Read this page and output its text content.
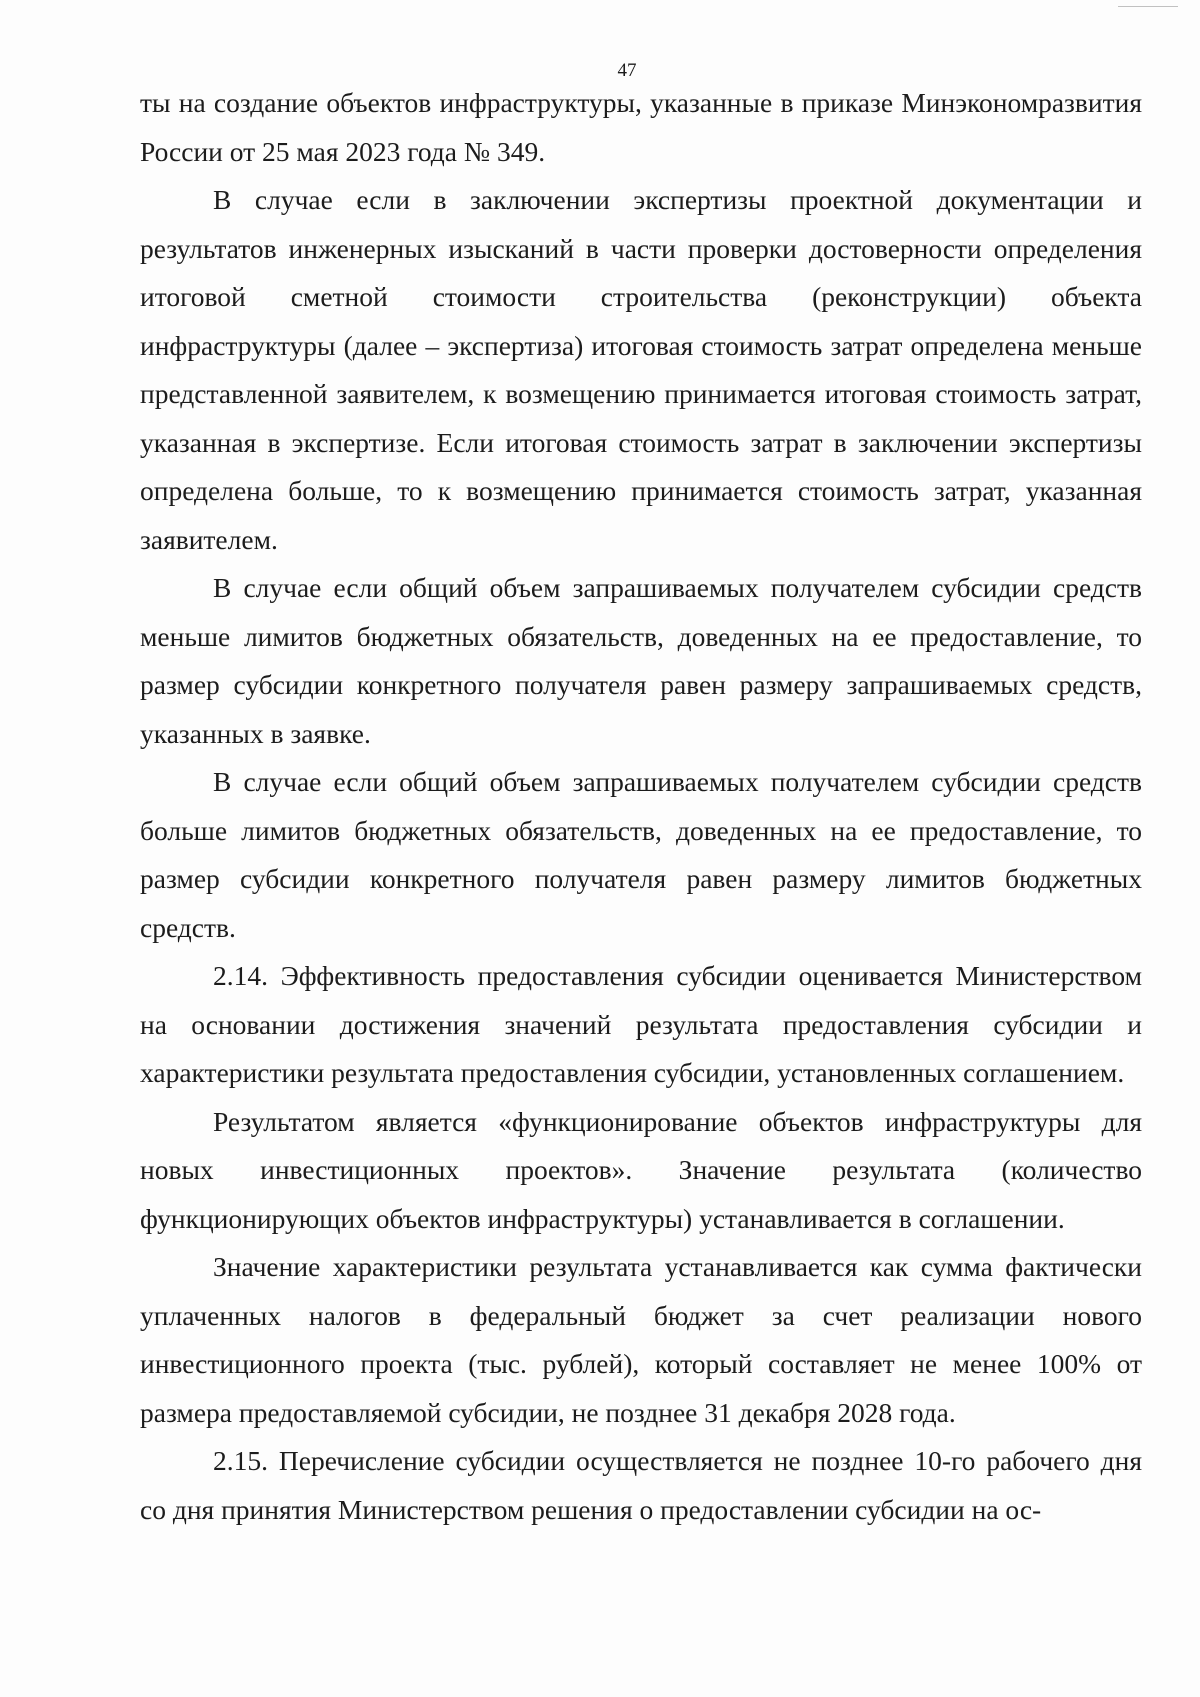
47

ты на создание объектов инфраструктуры, указанные в приказе Минэкономразвития России от 25 мая 2023 года № 349.

В случае если в заключении экспертизы проектной документации и результатов инженерных изысканий в части проверки достоверности определения итоговой сметной стоимости строительства (реконструкции) объекта инфраструктуры (далее – экспертиза) итоговая стоимость затрат определена меньше представленной заявителем, к возмещению принимается итоговая стоимость затрат, указанная в экспертизе. Если итоговая стоимость затрат в заключении экспертизы определена больше, то к возмещению принимается стоимость затрат, указанная заявителем.

В случае если общий объем запрашиваемых получателем субсидии средств меньше лимитов бюджетных обязательств, доведенных на ее предоставление, то размер субсидии конкретного получателя равен размеру запрашиваемых средств, указанных в заявке.

В случае если общий объем запрашиваемых получателем субсидии средств больше лимитов бюджетных обязательств, доведенных на ее предоставление, то размер субсидии конкретного получателя равен размеру лимитов бюджетных средств.

2.14. Эффективность предоставления субсидии оценивается Министерством на основании достижения значений результата предоставления субсидии и характеристики результата предоставления субсидии, установленных соглашением.

Результатом является «функционирование объектов инфраструктуры для новых инвестиционных проектов». Значение результата (количество функционирующих объектов инфраструктуры) устанавливается в соглашении.

Значение характеристики результата устанавливается как сумма фактически уплаченных налогов в федеральный бюджет за счет реализации нового инвестиционного проекта (тыс. рублей), который составляет не менее 100% от размера предоставляемой субсидии, не позднее 31 декабря 2028 года.

2.15. Перечисление субсидии осуществляется не позднее 10-го рабочего дня со дня принятия Министерством решения о предоставлении субсидии на ос-
